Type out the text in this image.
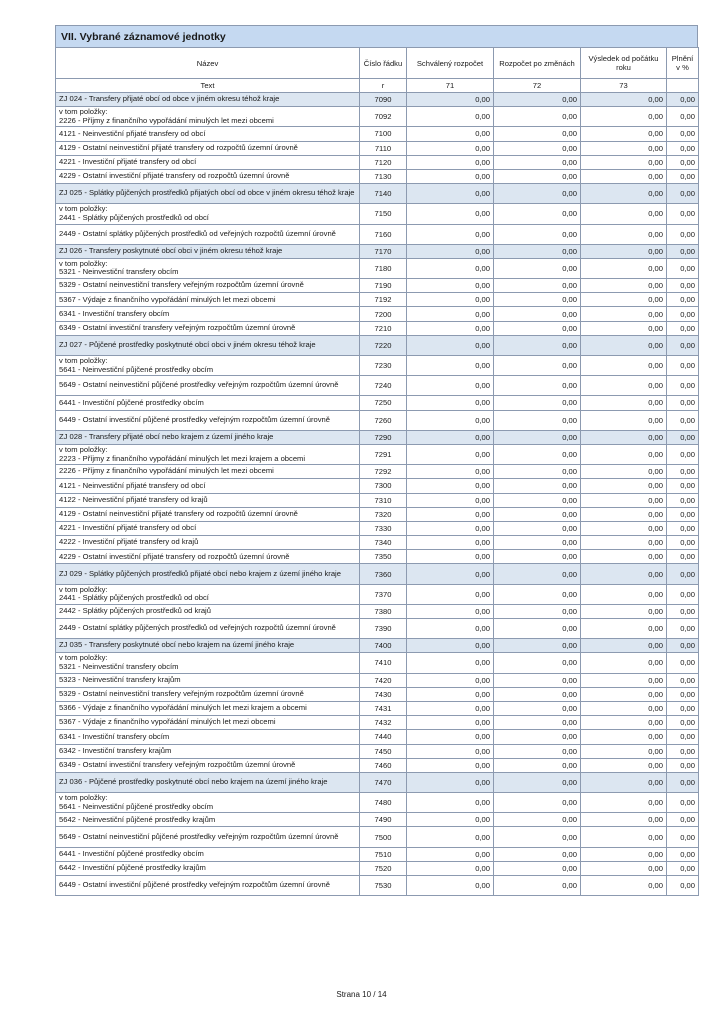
VII. Vybrané záznamové jednotky
Název	Číslo řádku	Schválený rozpočet	Rozpočet po změnách	Výsledek od počátku roku	Plnění v %
Text	r	71	72	73	
ZJ 024 - Transfery přijaté obcí od obce v jiném okresu téhož kraje	7090	0,00	0,00	0,00	0,00
v tom položky:
2226 - Příjmy z finančního vypořádání minulých let mezi obcemi	7092	0,00	0,00	0,00	0,00
4121 - Neinvestiční přijaté transfery od obcí	7100	0,00	0,00	0,00	0,00
4129 - Ostatní neinvestiční přijaté transfery od rozpočtů územní úrovně	7110	0,00	0,00	0,00	0,00
4221 - Investiční přijaté transfery od obcí	7120	0,00	0,00	0,00	0,00
4229 - Ostatní investiční přijaté transfery od rozpočtů územní úrovně	7130	0,00	0,00	0,00	0,00
ZJ 025 - Splátky půjčených prostředků přijatých obcí od obce v jiném okresu téhož kraje	7140	0,00	0,00	0,00	0,00
v tom položky:
2441 - Splátky půjčených prostředků od obcí	7150	0,00	0,00	0,00	0,00
2449 - Ostatní splátky půjčených prostředků od veřejných rozpočtů územní úrovně	7160	0,00	0,00	0,00	0,00
ZJ 026 - Transfery poskytnuté obcí obci v jiném okresu téhož kraje	7170	0,00	0,00	0,00	0,00
v tom položky:
5321 - Neinvestiční transfery obcím	7180	0,00	0,00	0,00	0,00
5329 - Ostatní neinvestiční transfery veřejným rozpočtům územní úrovně	7190	0,00	0,00	0,00	0,00
5367 - Výdaje z finančního vypořádání minulých let mezi obcemi	7192	0,00	0,00	0,00	0,00
6341 - Investiční transfery obcím	7200	0,00	0,00	0,00	0,00
6349 - Ostatní investiční transfery veřejným rozpočtům územní úrovně	7210	0,00	0,00	0,00	0,00
ZJ 027 - Půjčené prostředky poskytnuté obcí obci v jiném okresu téhož kraje	7220	0,00	0,00	0,00	0,00
v tom položky:
5641 - Neinvestiční půjčené prostředky obcím	7230	0,00	0,00	0,00	0,00
5649 - Ostatní neinvestiční půjčené prostředky veřejným rozpočtům územní úrovně	7240	0,00	0,00	0,00	0,00
6441 - Investiční půjčené prostředky obcím	7250	0,00	0,00	0,00	0,00
6449 - Ostatní investiční půjčené prostředky veřejným rozpočtům územní úrovně	7260	0,00	0,00	0,00	0,00
ZJ 028 - Transfery přijaté obcí nebo krajem z území jiného kraje	7290	0,00	0,00	0,00	0,00
v tom položky:
2223 - Příjmy z finančního vypořádání minulých let mezi krajem a obcemi	7291	0,00	0,00	0,00	0,00
2226 - Příjmy z finančního vypořádání minulých let mezi obcemi	7292	0,00	0,00	0,00	0,00
4121 - Neinvestiční přijaté transfery od obcí	7300	0,00	0,00	0,00	0,00
4122 - Neinvestiční přijaté transfery od krajů	7310	0,00	0,00	0,00	0,00
4129 - Ostatní neinvestiční přijaté transfery od rozpočtů územní úrovně	7320	0,00	0,00	0,00	0,00
4221 - Investiční přijaté transfery od obcí	7330	0,00	0,00	0,00	0,00
4222 - Investiční přijaté transfery od krajů	7340	0,00	0,00	0,00	0,00
4229 - Ostatní investiční přijaté transfery od rozpočtů územní úrovně	7350	0,00	0,00	0,00	0,00
ZJ 029 - Splátky půjčených prostředků přijaté obcí nebo krajem z území jiného kraje	7360	0,00	0,00	0,00	0,00
v tom položky:
2441 - Splátky půjčených prostředků od obcí	7370	0,00	0,00	0,00	0,00
2442 - Splátky půjčených prostředků od krajů	7380	0,00	0,00	0,00	0,00
2449 - Ostatní splátky půjčených prostředků od veřejných rozpočtů územní úrovně	7390	0,00	0,00	0,00	0,00
ZJ 035 - Transfery poskytnuté obcí nebo krajem na území jiného kraje	7400	0,00	0,00	0,00	0,00
v tom položky:
5321 - Neinvestiční transfery obcím	7410	0,00	0,00	0,00	0,00
5323 - Neinvestiční transfery krajům	7420	0,00	0,00	0,00	0,00
5329 - Ostatní neinvestiční transfery veřejným rozpočtům územní úrovně	7430	0,00	0,00	0,00	0,00
5366 - Výdaje z finančního vypořádání minulých let mezi krajem a obcemi	7431	0,00	0,00	0,00	0,00
5367 - Výdaje z finančního vypořádání minulých let mezi obcemi	7432	0,00	0,00	0,00	0,00
6341 - Investiční transfery obcím	7440	0,00	0,00	0,00	0,00
6342 - Investiční transfery krajům	7450	0,00	0,00	0,00	0,00
6349 - Ostatní investiční transfery veřejným rozpočtům územní úrovně	7460	0,00	0,00	0,00	0,00
ZJ 036 - Půjčené prostředky poskytnuté obcí nebo krajem na území jiného kraje	7470	0,00	0,00	0,00	0,00
v tom položky:
5641 - Neinvestiční půjčené prostředky obcím	7480	0,00	0,00	0,00	0,00
5642 - Neinvestiční půjčené prostředky krajům	7490	0,00	0,00	0,00	0,00
5649 - Ostatní neinvestiční půjčené prostředky veřejným rozpočtům územní úrovně	7500	0,00	0,00	0,00	0,00
6441 - Investiční půjčené prostředky obcím	7510	0,00	0,00	0,00	0,00
6442 - Investiční půjčené prostředky krajům	7520	0,00	0,00	0,00	0,00
6449 - Ostatní investiční půjčené prostředky veřejným rozpočtům územní úrovně	7530	0,00	0,00	0,00	0,00
Strana 10 / 14
